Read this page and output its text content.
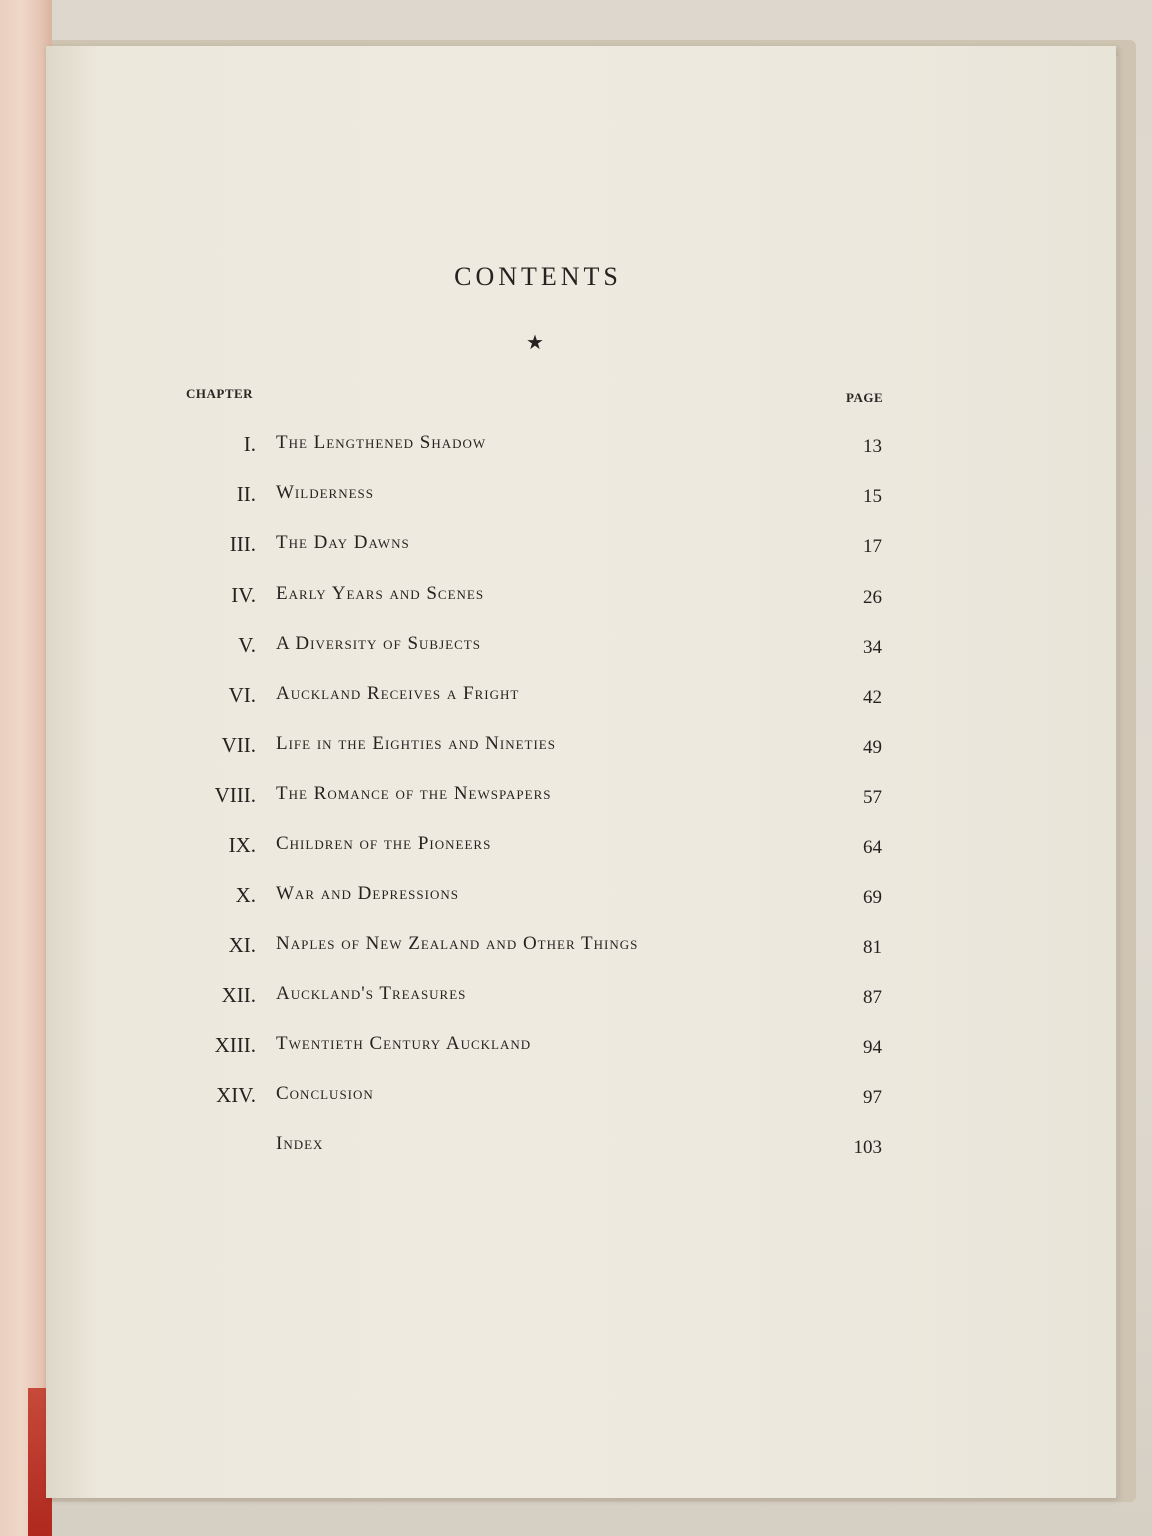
CONTENTS
★
CHAPTER	PAGE
I. The Lengthened Shadow	13
II. Wilderness	15
III. The Day Dawns	17
IV. Early Years and Scenes	26
V. A Diversity of Subjects	34
VI. Auckland Receives a Fright	42
VII. Life in the Eighties and Nineties	49
VIII. The Romance of the Newspapers	57
IX. Children of the Pioneers	64
X. War and Depressions	69
XI. Naples of New Zealand and Other Things	81
XII. Auckland's Treasures	87
XIII. Twentieth Century Auckland	94
XIV. Conclusion	97
Index	103
